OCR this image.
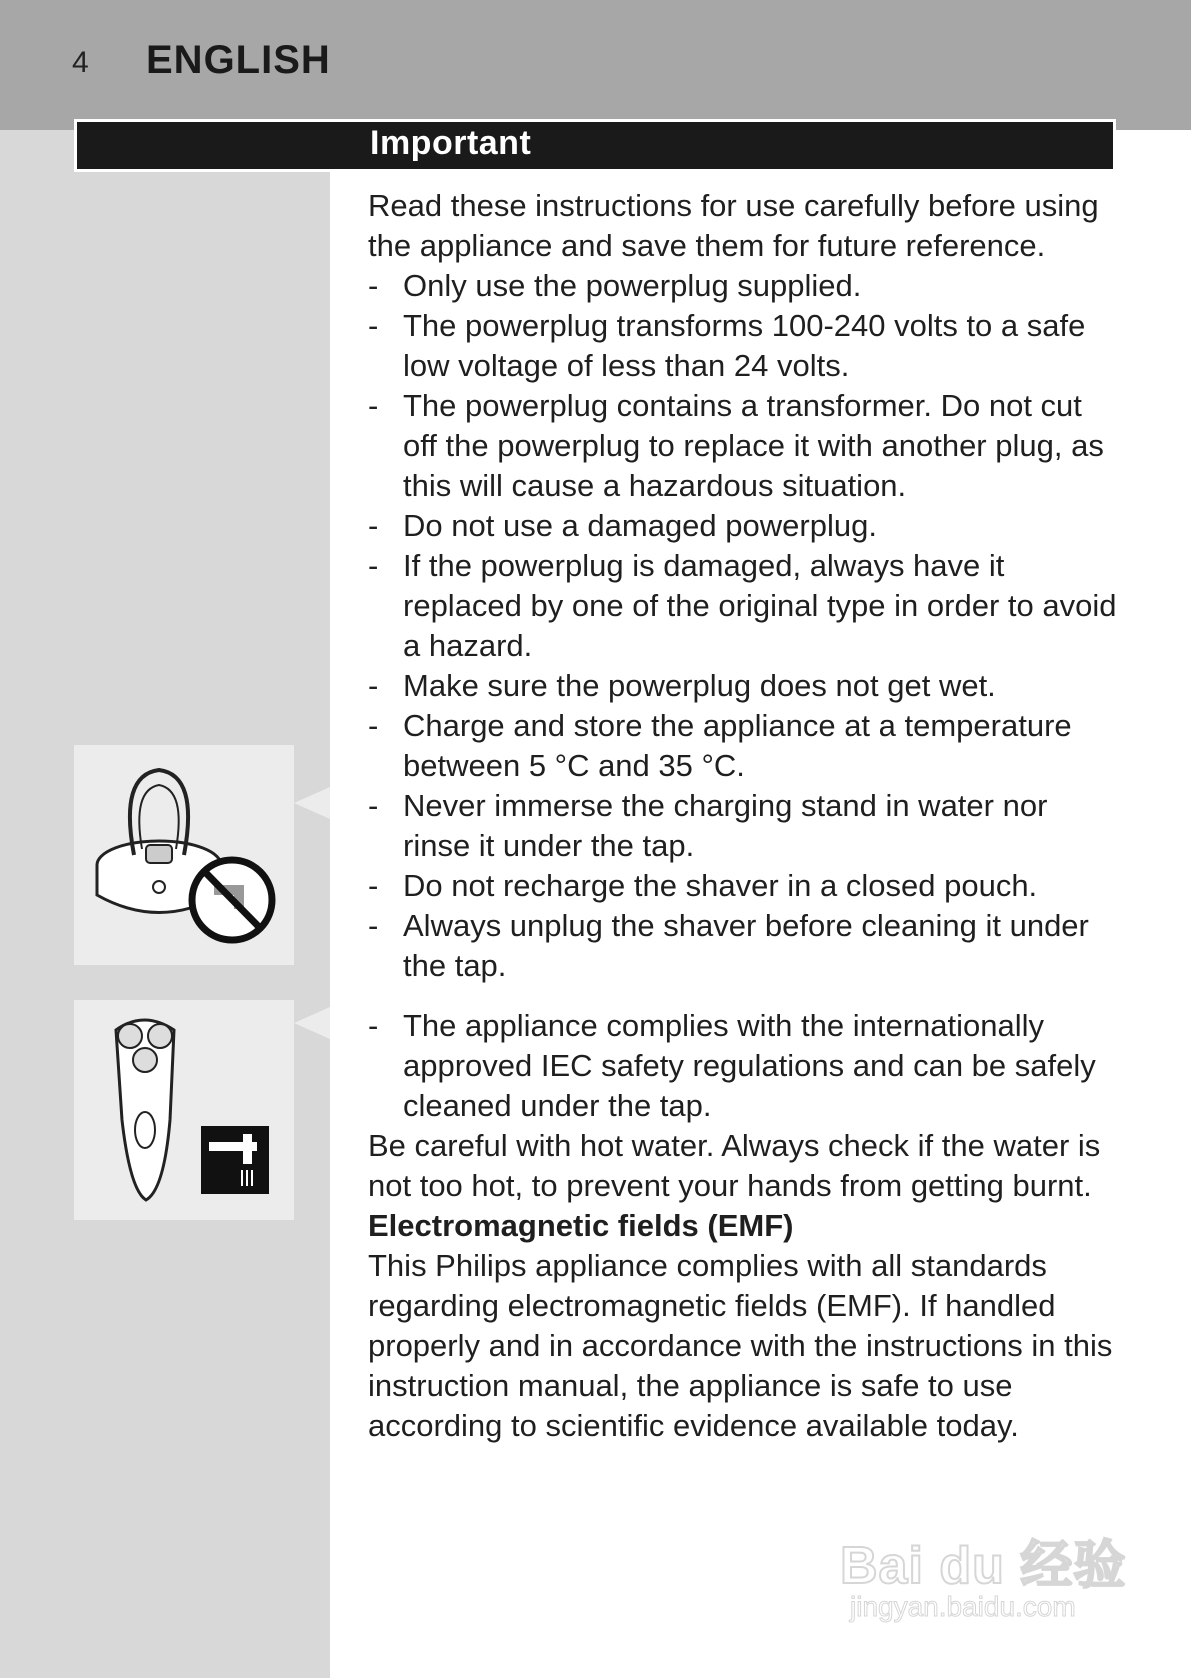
4 ENGLISH
Important

Read these instructions for use carefully before using the appliance and save them for future reference.

- Only use the powerplug supplied.
- The powerplug transforms 100-240 volts to a safe low voltage of less than 24 volts.
- The powerplug contains a transformer. Do not cut off the powerplug to replace it with another plug, as this will cause a hazardous situation.
- Do not use a damaged powerplug.
- If the powerplug is damaged, always have it replaced by one of the original type in order to avoid a hazard.
- Make sure the powerplug does not get wet.
- Charge and store the appliance at a temperature between 5 °C and 35 °C.
- Never immerse the charging stand in water nor rinse it under the tap.
- Do not recharge the shaver in a closed pouch.
- Always unplug the shaver before cleaning it under the tap.
- The appliance complies with the internationally approved IEC safety regulations and can be safely cleaned under the tap.

Be careful with hot water. Always check if the water is not too hot, to prevent your hands from getting burnt.

Electromagnetic fields (EMF)

This Philips appliance complies with all standards regarding electromagnetic fields (EMF). If handled properly and in accordance with the instructions in this instruction manual, the appliance is safe to use according to scientific evidence available today.

Bai du 经验
jingyan.baidu.com
